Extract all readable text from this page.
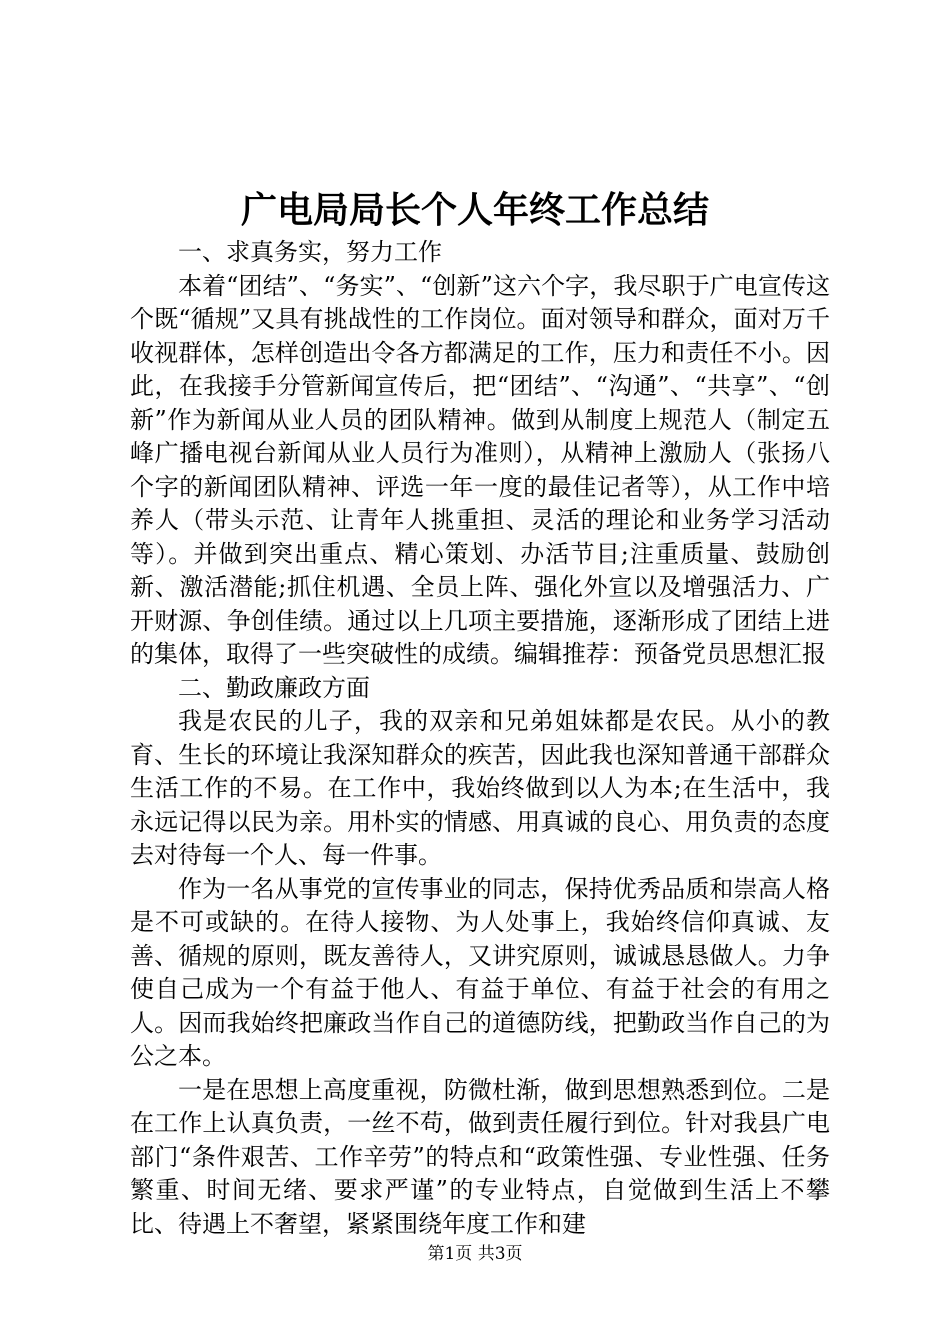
广电局局长个人年终工作总结

一、求真务实，努力工作

本着“团结”、“务实”、“创新”这六个字，我尽职于广电宣传这个既“循规”又具有挑战性的工作岗位。面对领导和群众，面对万千收视群体，怎样创造出令各方都满足的工作，压力和责任不小。因此，在我接手分管新闻宣传后，把“团结”、“沟通”、“共享”、“创新”作为新闻从业人员的团队精神。做到从制度上规范人（制定五峰广播电视台新闻从业人员行为准则），从精神上激励人（张扬八个字的新闻团队精神、评选一年一度的最佳记者等），从工作中培养人（带头示范、让青年人挑重担、灵活的理论和业务学习活动等）。并做到突出重点、精心策划、办活节目;注重质量、鼓励创新、激活潜能;抓住机遇、全员上阵、强化外宣以及增强活力、广开财源、争创佳绩。通过以上几项主要措施，逐渐形成了团结上进的集体，取得了一些突破性的成绩。编辑推荐：预备党员思想汇报

二、勤政廉政方面

我是农民的儿子，我的双亲和兄弟姐妹都是农民。从小的教育、生长的环境让我深知群众的疾苦，因此我也深知普通干部群众生活工作的不易。在工作中，我始终做到以人为本;在生活中，我永远记得以民为亲。用朴实的情感、用真诚的良心、用负责的态度去对待每一个人、每一件事。

作为一名从事党的宣传事业的同志，保持优秀品质和崇高人格是不可或缺的。在待人接物、为人处事上，我始终信仰真诚、友善、循规的原则，既友善待人，又讲究原则，诚诚恳恳做人。力争使自己成为一个有益于他人、有益于单位、有益于社会的有用之人。因而我始终把廉政当作自己的道德防线，把勤政当作自己的为公之本。

一是在思想上高度重视，防微杜渐，做到思想熟悉到位。二是在工作上认真负责，一丝不苟，做到责任履行到位。针对我县广电部门“条件艰苦、工作辛劳”的特点和“政策性强、专业性强、任务繁重、时间无绪、要求严谨”的专业特点，自觉做到生活上不攀比、待遇上不奢望，紧紧围绕年度工作和建

第1页 共3页
